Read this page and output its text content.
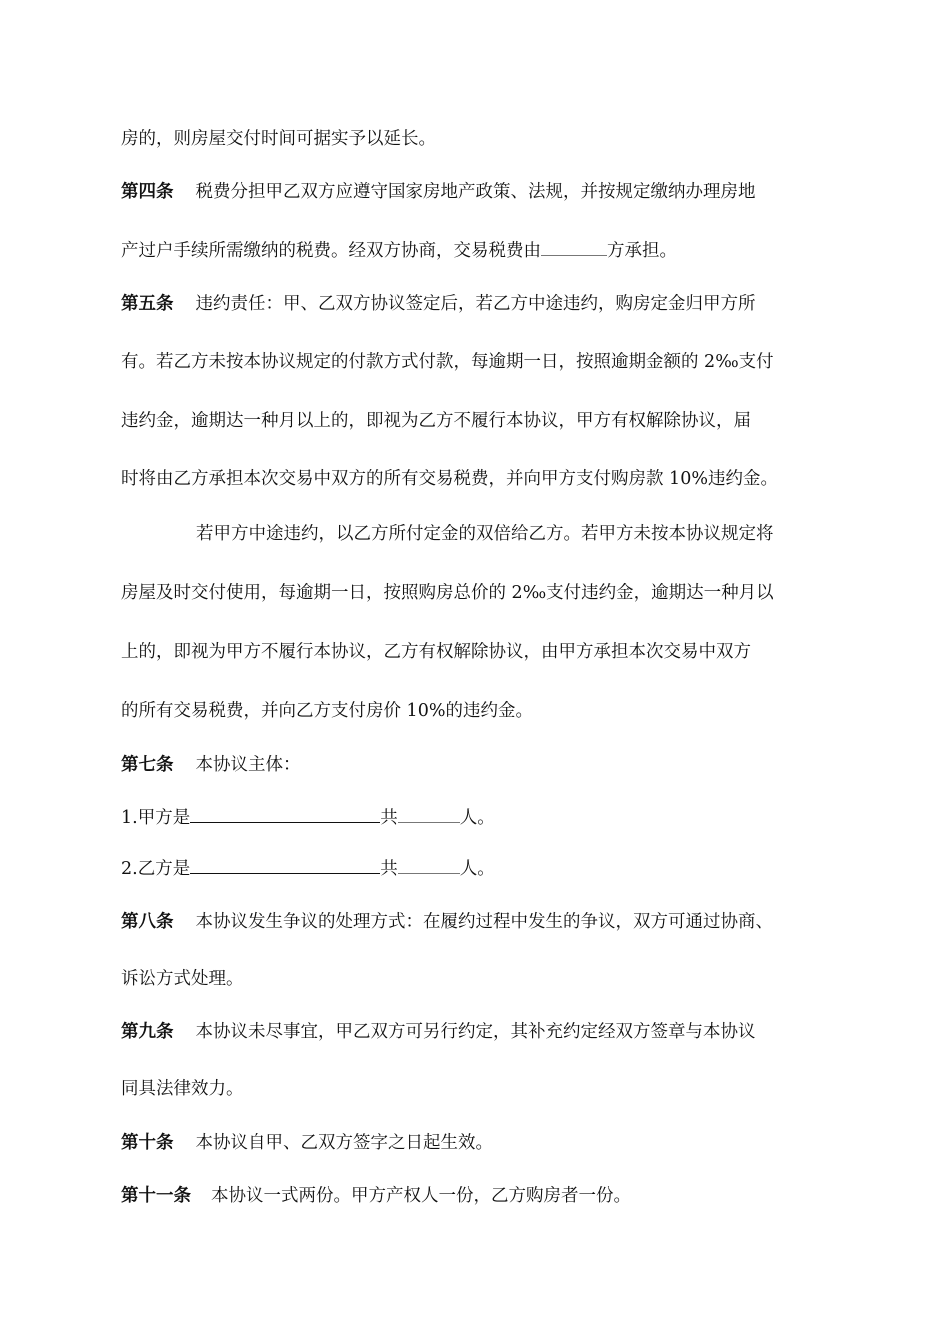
房的，则房屋交付时间可据实予以延长。
第四条 税费分担甲乙双方应遵守国家房地产政策、法规，并按规定缴纳办理房地
产过户手续所需缴纳的税费。经双方协商，交易税费由	方承担。
第五条 违约责任：甲、乙双方协议签定后，若乙方中途违约，购房定金归甲方所
有。若乙方未按本协议规定的付款方式付款，每逾期一日，按照逾期金额的 2‰支付
违约金，逾期达一种月以上的，即视为乙方不履行本协议，甲方有权解除协议，届
时将由乙方承担本次交易中双方的所有交易税费，并向甲方支付购房款 10%违约金。
若甲方中途违约，以乙方所付定金的双倍给乙方。若甲方未按本协议规定将
房屋及时交付使用，每逾期一日，按照购房总价的 2‰支付违约金，逾期达一种月以
上的，即视为甲方不履行本协议，乙方有权解除协议，由甲方承担本次交易中双方
的所有交易税费，并向乙方支付房价 10%的违约金。
第七条 本协议主体：
1.甲方是	共	人。
2.乙方是	共	人。
第八条 本协议发生争议的处理方式：在履约过程中发生的争议，双方可通过协商、
诉讼方式处理。
第九条 本协议未尽事宜，甲乙双方可另行约定，其补充约定经双方签章与本协议
同具法律效力。
第十条 本协议自甲、乙双方签字之日起生效。
第十一条 本协议一式两份。甲方产权人一份，乙方购房者一份。
